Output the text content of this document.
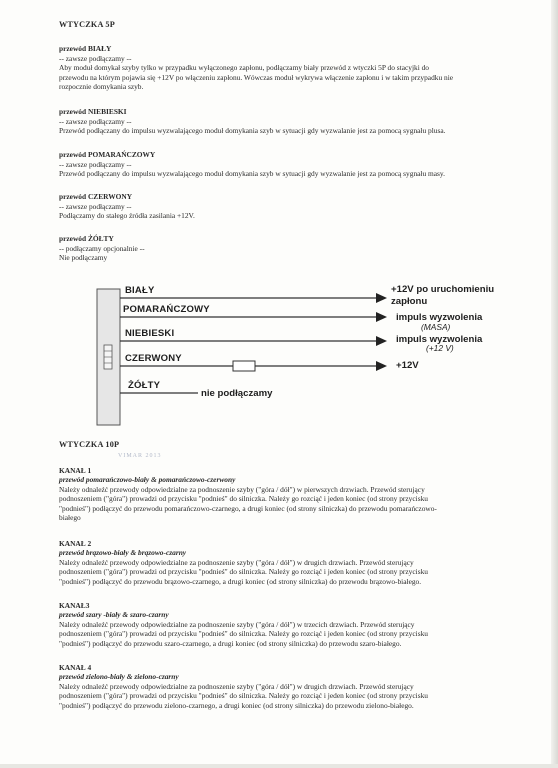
WTYCZKA 5P
przewód BIAŁY
-- zawsze podłączamy --
Aby moduł domykał szyby tylko w przypadku wyłączonego zapłonu, podłączamy biały przewód z wtyczki 5P do stacyjki do
przewodu na którym pojawia się +12V po włączeniu zapłonu. Wówczas moduł wykrywa włączenie zapłonu i w takim przypadku nie
rozpocznie domykania szyb.
przewód NIEBIESKI
-- zawsze podłączamy --
Przewód podłączany do impulsu wyzwalającego moduł domykania szyb w sytuacji gdy wyzwalanie jest za pomocą sygnału plusa.
przewód POMARAŃCZOWY
-- zawsze podłączamy --
Przewód podłączany do impulsu wyzwalającego moduł domykania szyb w sytuacji gdy wyzwalanie jest za pomocą sygnału masy.
przewód CZERWONY
-- zawsze podłączamy --
Podłączamy do stałego źródła zasilania +12V.
przewód ŻÓŁTY
-- podłączamy opcjonalnie --
Nie podłączamy
BIAŁY
POMARAŃCZOWY
NIEBIESKI
CZERWONY
ŻÓŁTY
+12V po uruchomieniu
zapłonu
impuls wyzwolenia
(MASA)
impuls wyzwolenia
(+12 V)
+12V
nie podłączamy
WTYCZKA 10P
VIMAR 2013
KANAŁ 1
przewód pomarańczowo-biały & pomarańczowo-czerwony
Należy odnaleźć przewody odpowiedzialne za podnoszenie szyby ("góra / dół") w pierwszych drzwiach. Przewód sterujący
podnoszeniem ("góra") prowadzi od przycisku "podnieś" do silniczka. Należy go rozciąć i jeden koniec (od strony przycisku
"podnieś") podłączyć do przewodu pomarańczowo-czarnego, a drugi koniec (od strony silniczka) do przewodu pomarańczowo-
białego
KANAŁ 2
przewód brązowo-biały & brązowo-czarny
Należy odnaleźć przewody odpowiedzialne za podnoszenie szyby ("góra / dół") w drugich drzwiach. Przewód sterujący
podnoszeniem ("góra") prowadzi od przycisku "podnieś" do silniczka. Należy go rozciąć i jeden koniec (od strony przycisku
"podnieś") podłączyć do przewodu brązowo-czarnego, a drugi koniec (od strony silniczka) do przewodu brązowo-białego.
KANAŁ3
przewód szary -biały & szaro-czarny
Należy odnaleźć przewody odpowiedzialne za podnoszenie szyby ("góra / dół") w trzecich drzwiach. Przewód sterujący
podnoszeniem ("góra") prowadzi od przycisku "podnieś" do silniczka. Należy go rozciąć i jeden koniec (od strony przycisku
"podnieś") podłączyć do przewodu szaro-czarnego, a drugi koniec (od strony silniczka) do przewodu szaro-białego.
KANAŁ 4
przewód zielono-biały & zielono-czarny
Należy odnaleźć przewody odpowiedzialne za podnoszenie szyby ("góra / dół") w drugich drzwiach. Przewód sterujący
podnoszeniem ("góra") prowadzi od przycisku "podnieś" do silniczka. Należy go rozciąć i jeden koniec (od strony przycisku
"podnieś") podłączyć do przewodu zielono-czarnego, a drugi koniec (od strony silniczka) do przewodu zielono-białego.
